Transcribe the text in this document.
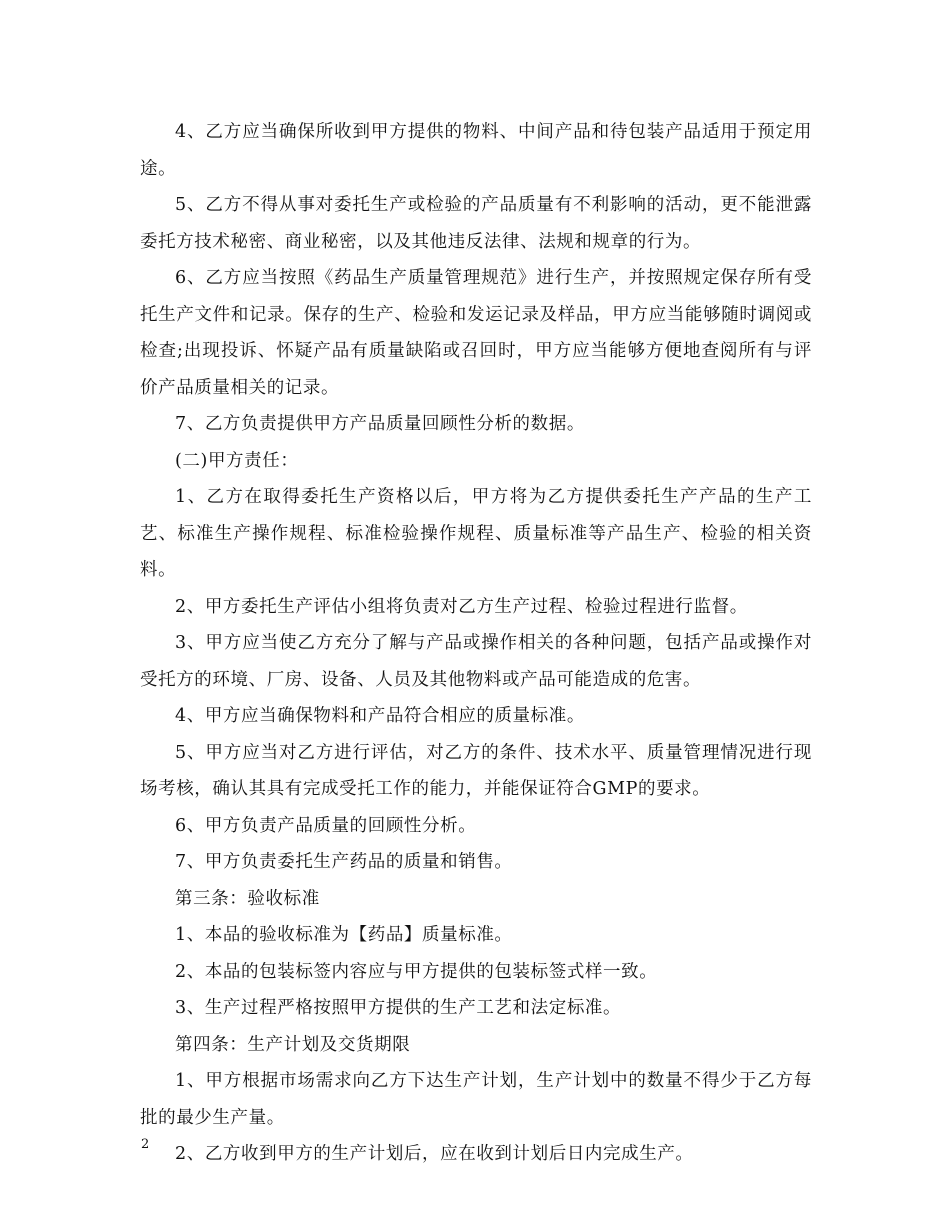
4、乙方应当确保所收到甲方提供的物料、中间产品和待包装产品适用于预定用途。

5、乙方不得从事对委托生产或检验的产品质量有不利影响的活动，更不能泄露委托方技术秘密、商业秘密，以及其他违反法律、法规和规章的行为。

6、乙方应当按照《药品生产质量管理规范》进行生产，并按照规定保存所有受托生产文件和记录。保存的生产、检验和发运记录及样品，甲方应当能够随时调阅或检查;出现投诉、怀疑产品有质量缺陷或召回时，甲方应当能够方便地查阅所有与评价产品质量相关的记录。

7、乙方负责提供甲方产品质量回顾性分析的数据。

(二)甲方责任：

1、乙方在取得委托生产资格以后，甲方将为乙方提供委托生产产品的生产工艺、标准生产操作规程、标准检验操作规程、质量标准等产品生产、检验的相关资料。

2、甲方委托生产评估小组将负责对乙方生产过程、检验过程进行监督。

3、甲方应当使乙方充分了解与产品或操作相关的各种问题，包括产品或操作对受托方的环境、厂房、设备、人员及其他物料或产品可能造成的危害。

4、甲方应当确保物料和产品符合相应的质量标准。

5、甲方应当对乙方进行评估，对乙方的条件、技术水平、质量管理情况进行现场考核，确认其具有完成受托工作的能力，并能保证符合GMP的要求。

6、甲方负责产品质量的回顾性分析。

7、甲方负责委托生产药品的质量和销售。

第三条：验收标准

1、本品的验收标准为【药品】质量标准。

2、本品的包装标签内容应与甲方提供的包装标签式样一致。

3、生产过程严格按照甲方提供的生产工艺和法定标准。

第四条：生产计划及交货期限

1、甲方根据市场需求向乙方下达生产计划，生产计划中的数量不得少于乙方每批的最少生产量。

2、乙方收到甲方的生产计划后，应在收到计划后日内完成生产。

2
